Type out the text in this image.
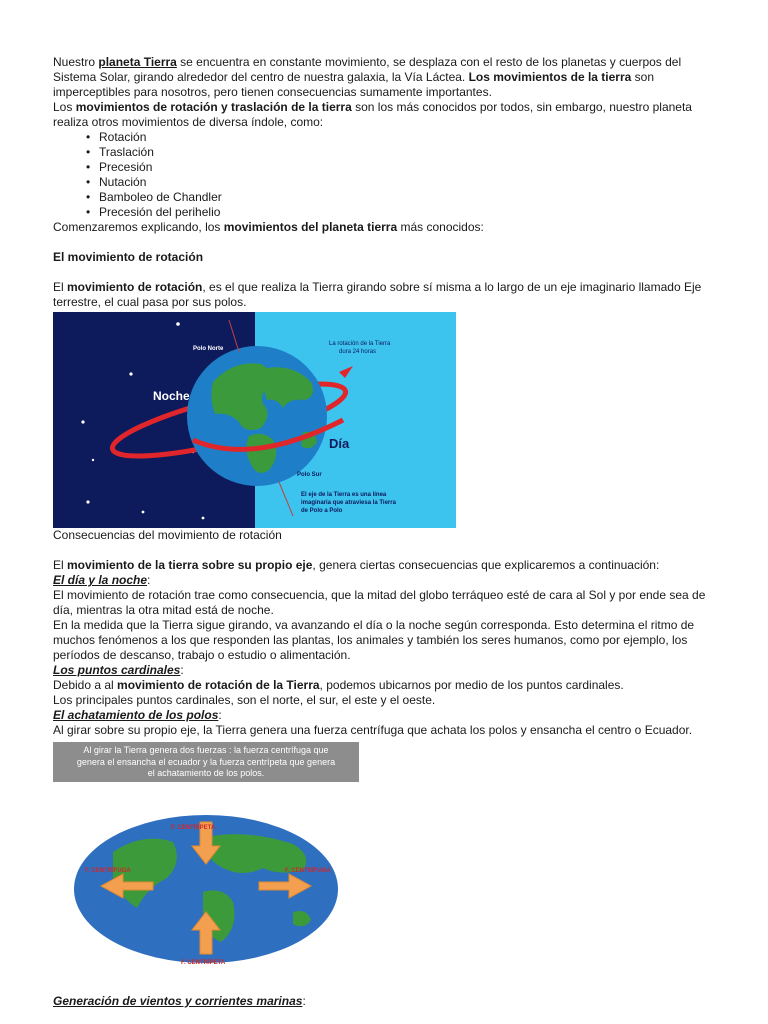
Nuestro planeta Tierra se encuentra en constante movimiento, se desplaza con el resto de los planetas y cuerpos del Sistema Solar, girando alrededor del centro de nuestra galaxia, la Vía Láctea. Los movimientos de la tierra son imperceptibles para nosotros, pero tienen consecuencias sumamente importantes.

Los movimientos de rotación y traslación de la tierra son los más conocidos por todos, sin embargo, nuestro planeta realiza otros movimientos de diversa índole, como:

• Rotación
• Traslación
• Precesión
• Nutación
• Bamboleo de Chandler
• Precesión del perihelio

Comenzaremos explicando, los movimientos del planeta tierra más conocidos:

El movimiento de rotación

El movimiento de rotación, es el que realiza la Tierra girando sobre sí misma a lo largo de un eje imaginario llamado Eje terrestre, el cual pasa por sus polos.

Polo Norte
Noche
Día
Polo Sur
La rotación de la Tierra
dura 24 horas
El eje de la Tierra es una línea
imaginaria que atraviesa la Tierra
de Polo a Polo

Consecuencias del movimiento de rotación

El movimiento de la tierra sobre su propio eje, genera ciertas consecuencias que explicaremos a continuación:

El día y la noche:

El movimiento de rotación trae como consecuencia, que la mitad del globo terráqueo esté de cara al Sol y por ende sea de día, mientras la otra mitad está de noche.

En la medida que la Tierra sigue girando, va avanzando el día o la noche según corresponda. Esto determina el ritmo de muchos fenómenos a los que responden las plantas, los animales y también los seres humanos, como por ejemplo, los períodos de descanso, trabajo o estudio o alimentación.

Los puntos cardinales:

Debido a al movimiento de rotación de la Tierra, podemos ubicarnos por medio de los puntos cardinales.

Los principales puntos cardinales, son el norte, el sur, el este y el oeste.

El achatamiento de los polos:

Al girar sobre su propio eje, la Tierra genera una fuerza centrífuga que achata los polos y ensancha el centro o Ecuador.

Al girar la Tierra genera dos fuerzas : la fuerza centrífuga que
genera el ensancha el ecuador y la fuerza centrípeta que genera
el achatamiento de los polos.
F. CENTRÍPETA
F. CENTRÍFUGA	F. CENTRÍFUGA
F. CENTRÍPETA

Generación de vientos y corrientes marinas:
